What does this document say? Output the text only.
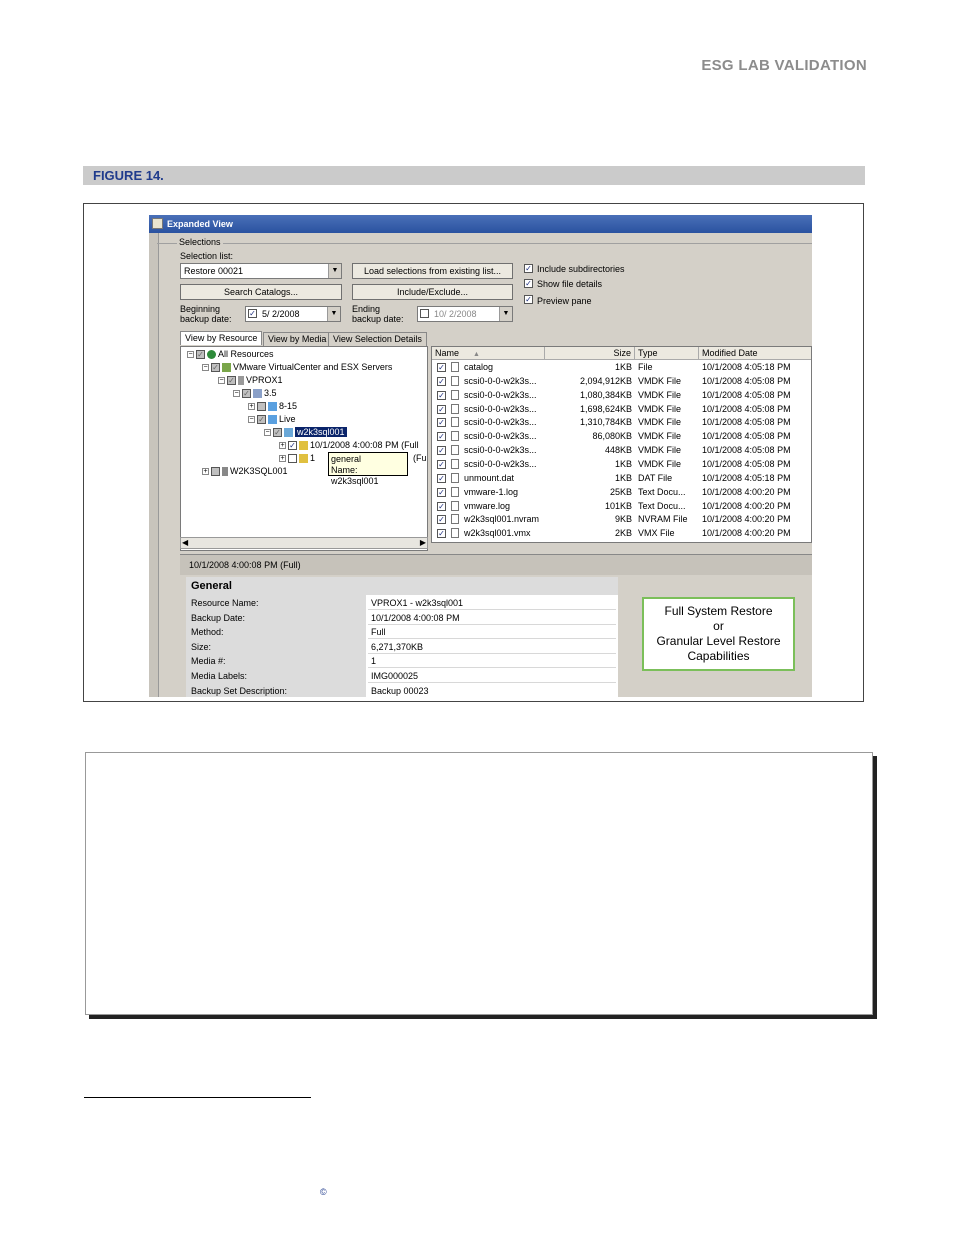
ESG LAB VALIDATION
FIGURE 14.
Expanded View
Selections
Selection list:
Restore 00021	▼	Load selections from existing list...
Search Catalogs...	Include/Exclude...
✓ Include subdirectories
✓ Show file details
✓ Preview pane
Beginning
backup date:
✓ 5/ 2/2008	▼ Ending
backup date:	10/ 2/2008	▼
View by Resource	View by Media View Selection Details
− ✓ All Resources
− ✓ VMware VirtualCenter and ESX Servers
− ✓ VPROX1
− ✓ 3.5
+	8-15
− ✓ Live
− ✓ w2k3sql001
+ ✓ 10/1/2008 4:00:08 PM (Full
+	1	(Fu
+ W2K3SQL001
general
Name: w2k3sql001
◀	▶
Name ▲	Size Type	Modified Date
✓ catalog	1KB File	10/1/2008 4:05:18 PM
✓ scsi0-0-0-w2k3s...	2,094,912KB VMDK File 10/1/2008 4:05:08 PM
✓ scsi0-0-0-w2k3s...	1,080,384KB VMDK File 10/1/2008 4:05:08 PM
✓ scsi0-0-0-w2k3s...	1,698,624KB VMDK File 10/1/2008 4:05:08 PM
✓ scsi0-0-0-w2k3s...	1,310,784KB VMDK File 10/1/2008 4:05:08 PM
✓ scsi0-0-0-w2k3s...	86,080KB VMDK File 10/1/2008 4:05:08 PM
✓ scsi0-0-0-w2k3s...	448KB VMDK File 10/1/2008 4:05:08 PM
✓ scsi0-0-0-w2k3s...	1KB VMDK File 10/1/2008 4:05:08 PM
✓ unmount.dat	1KB DAT File	10/1/2008 4:05:18 PM
✓ vmware-1.log	25KB Text Docu... 10/1/2008 4:00:20 PM
✓ vmware.log	101KB Text Docu... 10/1/2008 4:00:20 PM
✓ w2k3sql001.nvram	9KB NVRAM File 10/1/2008 4:00:20 PM
✓ w2k3sql001.vmx	2KB VMX File	10/1/2008 4:00:20 PM
10/1/2008 4:00:08 PM (Full)
General
Resource Name:	VPROX1 - w2k3sql001
Backup Date:	10/1/2008 4:00:08 PM
Method:	Full
Size:	6,271,370KB
Media #:	1
Media Labels:	IMG000025
Backup Set Description:	Backup 00023
Full System Restore
or
Granular Level Restore
Capabilities
©
